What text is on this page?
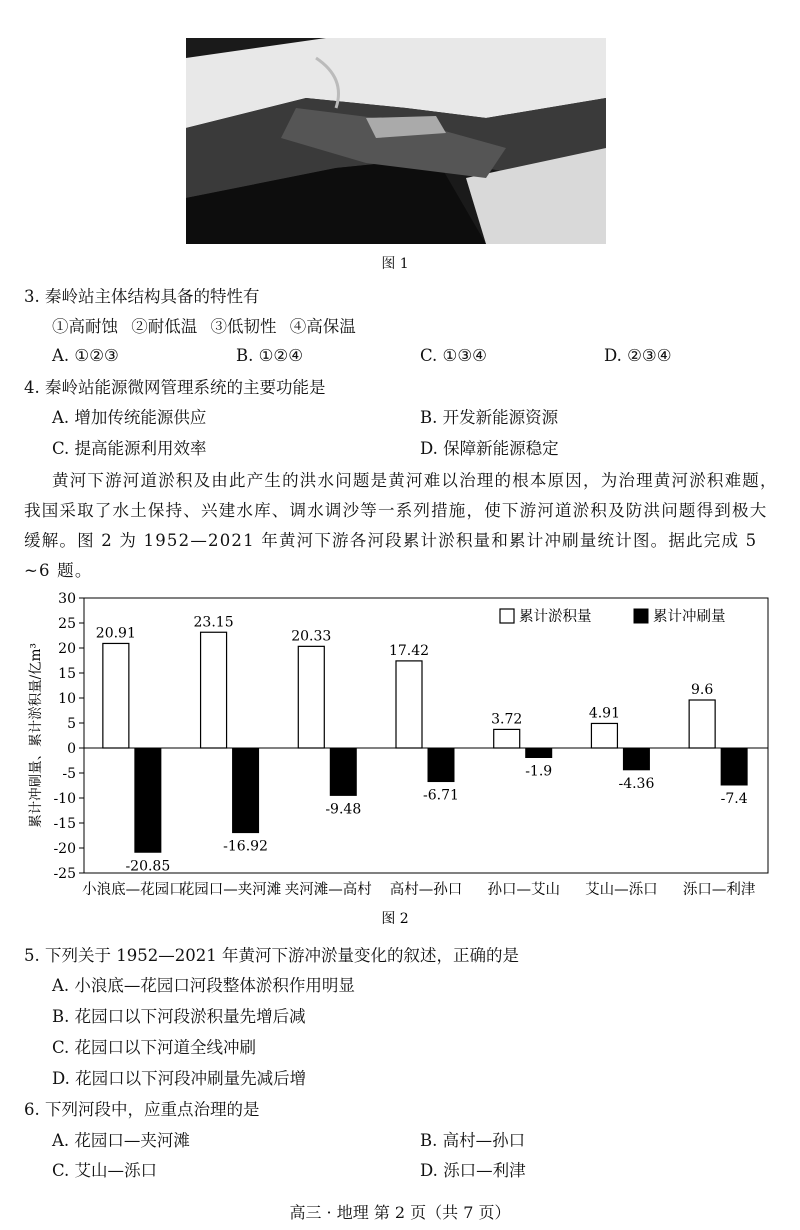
图 1
3. 秦岭站主体结构具备的特性有
①高耐蚀 ②耐低温 ③低韧性 ④高保温
A. ①②③	B. ①②④	C. ①③④	D. ②③④
4. 秦岭站能源微网管理系统的主要功能是
A. 增加传统能源供应	B. 开发新能源资源
C. 提高能源利用效率	D. 保障新能源稳定
黄河下游河道淤积及由此产生的洪水问题是黄河难以治理的根本原因，为治理黄河淤积难题，我国采取了水土保持、兴建水库、调水调沙等一系列措施，使下游河道淤积及防洪问题得到极大缓解。图 2 为 1952—2021 年黄河下游各河段累计淤积量和累计冲刷量统计图。据此完成 5 ~6 题。
30
25
20
15
10
5
0
-5
-10
-15
-20
-25
累计冲刷量、累计淤积量/亿m³
20.91
-20.85
小浪底—花园口
23.15
-16.92
花园口—夹河滩
20.33
-9.48
夹河滩—高村
17.42
-6.71
高村—孙口
3.72
-1.9
孙口—艾山
4.91
-4.36
艾山—泺口
9.6
-7.4
泺口—利津
累计淤积量	累计冲刷量
图 2
5. 下列关于 1952—2021 年黄河下游冲淤量变化的叙述，正确的是
A. 小浪底—花园口河段整体淤积作用明显
B. 花园口以下河段淤积量先增后减
C. 花园口以下河道全线冲刷
D. 花园口以下河段冲刷量先减后增
6. 下列河段中，应重点治理的是
A. 花园口—夹河滩	B. 高村—孙口
C. 艾山—泺口	D. 泺口—利津
高三 · 地理 第 2 页（共 7 页）
